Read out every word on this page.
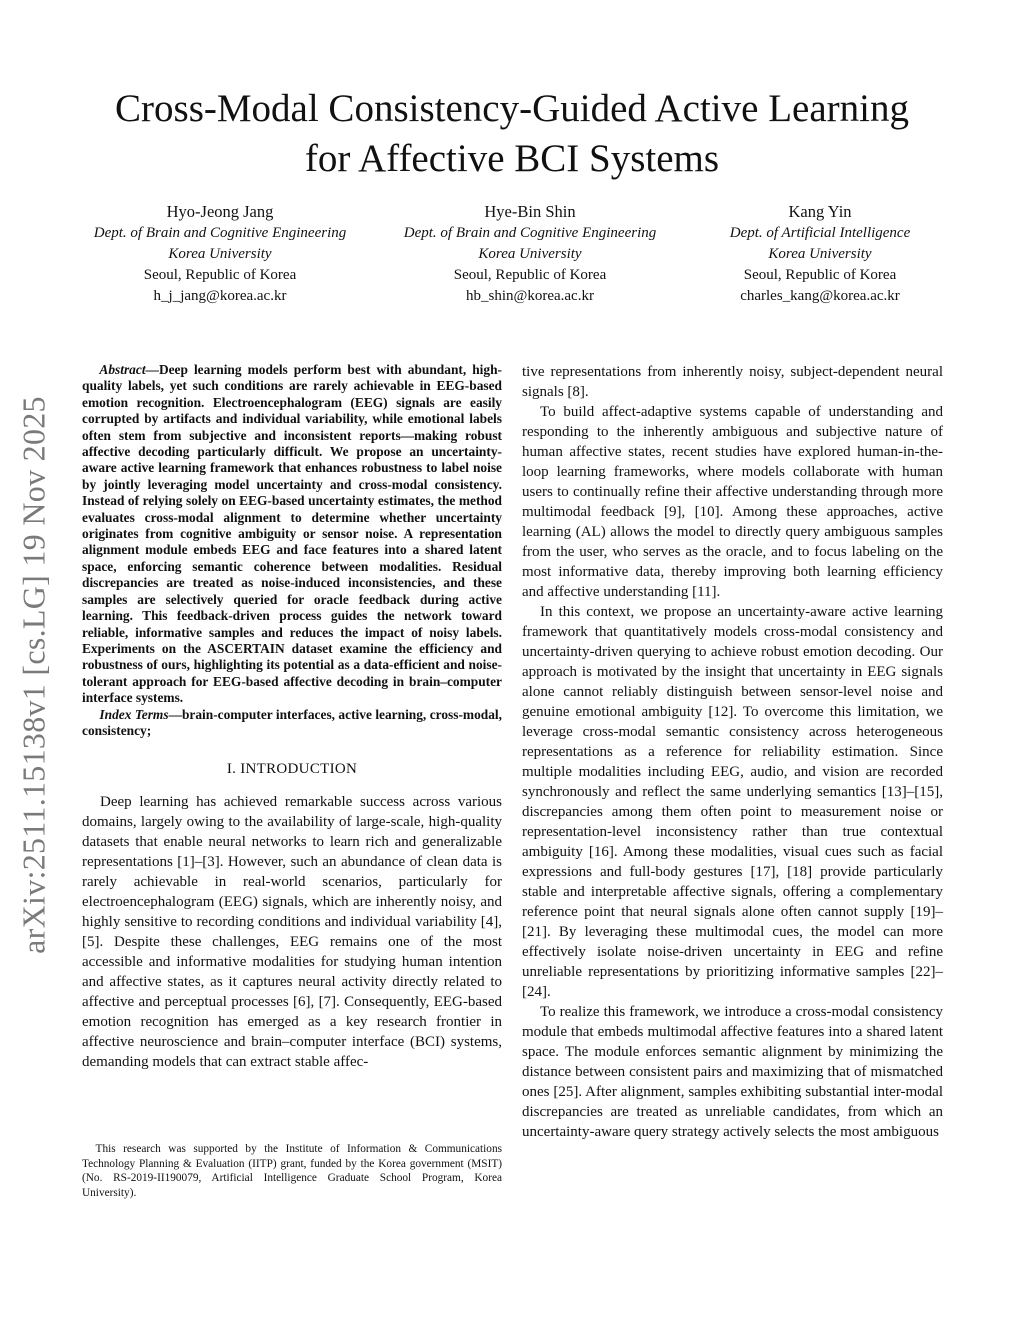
arXiv:2511.15138v1 [cs.LG] 19 Nov 2025
Cross-Modal Consistency-Guided Active Learning
for Affective BCI Systems
Hyo-Jeong Jang
Dept. of Brain and Cognitive Engineering
Korea University
Seoul, Republic of Korea
h_j_jang@korea.ac.kr
Hye-Bin Shin
Dept. of Brain and Cognitive Engineering
Korea University
Seoul, Republic of Korea
hb_shin@korea.ac.kr
Kang Yin
Dept. of Artificial Intelligence
Korea University
Seoul, Republic of Korea
charles_kang@korea.ac.kr

Abstract—Deep learning models perform best with abundant, high-quality labels, yet such conditions are rarely achievable in EEG-based emotion recognition. Electroencephalogram (EEG) signals are easily corrupted by artifacts and individual variability, while emotional labels often stem from subjective and inconsistent reports—making robust affective decoding particularly difficult. We propose an uncertainty-aware active learning framework that enhances robustness to label noise by jointly leveraging model uncertainty and cross-modal consistency. Instead of relying solely on EEG-based uncertainty estimates, the method evaluates cross-modal alignment to determine whether uncertainty originates from cognitive ambiguity or sensor noise. A representation alignment module embeds EEG and face features into a shared latent space, enforcing semantic coherence between modalities. Residual discrepancies are treated as noise-induced inconsistencies, and these samples are selectively queried for oracle feedback during active learning. This feedback-driven process guides the network toward reliable, informative samples and reduces the impact of noisy labels. Experiments on the ASCERTAIN dataset examine the efficiency and robustness of ours, highlighting its potential as a data-efficient and noise-tolerant approach for EEG-based affective decoding in brain–computer interface systems.

Index Terms—brain-computer interfaces, active learning, cross-modal, consistency;

I. INTRODUCTION

Deep learning has achieved remarkable success across various domains, largely owing to the availability of large-scale, high-quality datasets that enable neural networks to learn rich and generalizable representations [1]–[3]. However, such an abundance of clean data is rarely achievable in real-world scenarios, particularly for electroencephalogram (EEG) signals, which are inherently noisy, and highly sensitive to recording conditions and individual variability [4], [5]. Despite these challenges, EEG remains one of the most accessible and informative modalities for studying human intention and affective states, as it captures neural activity directly related to affective and perceptual processes [6], [7]. Consequently, EEG-based emotion recognition has emerged as a key research frontier in affective neuroscience and brain–computer interface (BCI) systems, demanding models that can extract stable affec-

This research was supported by the Institute of Information & Communications Technology Planning & Evaluation (IITP) grant, funded by the Korea government (MSIT) (No. RS-2019-II190079, Artificial Intelligence Graduate School Program, Korea University).

tive representations from inherently noisy, subject-dependent neural signals [8].

To build affect-adaptive systems capable of understanding and responding to the inherently ambiguous and subjective nature of human affective states, recent studies have explored human-in-the-loop learning frameworks, where models collaborate with human users to continually refine their affective understanding through more multimodal feedback [9], [10]. Among these approaches, active learning (AL) allows the model to directly query ambiguous samples from the user, who serves as the oracle, and to focus labeling on the most informative data, thereby improving both learning efficiency and affective understanding [11].

In this context, we propose an uncertainty-aware active learning framework that quantitatively models cross-modal consistency and uncertainty-driven querying to achieve robust emotion decoding. Our approach is motivated by the insight that uncertainty in EEG signals alone cannot reliably distinguish between sensor-level noise and genuine emotional ambiguity [12]. To overcome this limitation, we leverage cross-modal semantic consistency across heterogeneous representations as a reference for reliability estimation. Since multiple modalities including EEG, audio, and vision are recorded synchronously and reflect the same underlying semantics [13]–[15], discrepancies among them often point to measurement noise or representation-level inconsistency rather than true contextual ambiguity [16]. Among these modalities, visual cues such as facial expressions and full-body gestures [17], [18] provide particularly stable and interpretable affective signals, offering a complementary reference point that neural signals alone often cannot supply [19]–[21]. By leveraging these multimodal cues, the model can more effectively isolate noise-driven uncertainty in EEG and refine unreliable representations by prioritizing informative samples [22]–[24].

To realize this framework, we introduce a cross-modal consistency module that embeds multimodal affective features into a shared latent space. The module enforces semantic alignment by minimizing the distance between consistent pairs and maximizing that of mismatched ones [25]. After alignment, samples exhibiting substantial inter-modal discrepancies are treated as unreliable candidates, from which an uncertainty-aware query strategy actively selects the most ambiguous
